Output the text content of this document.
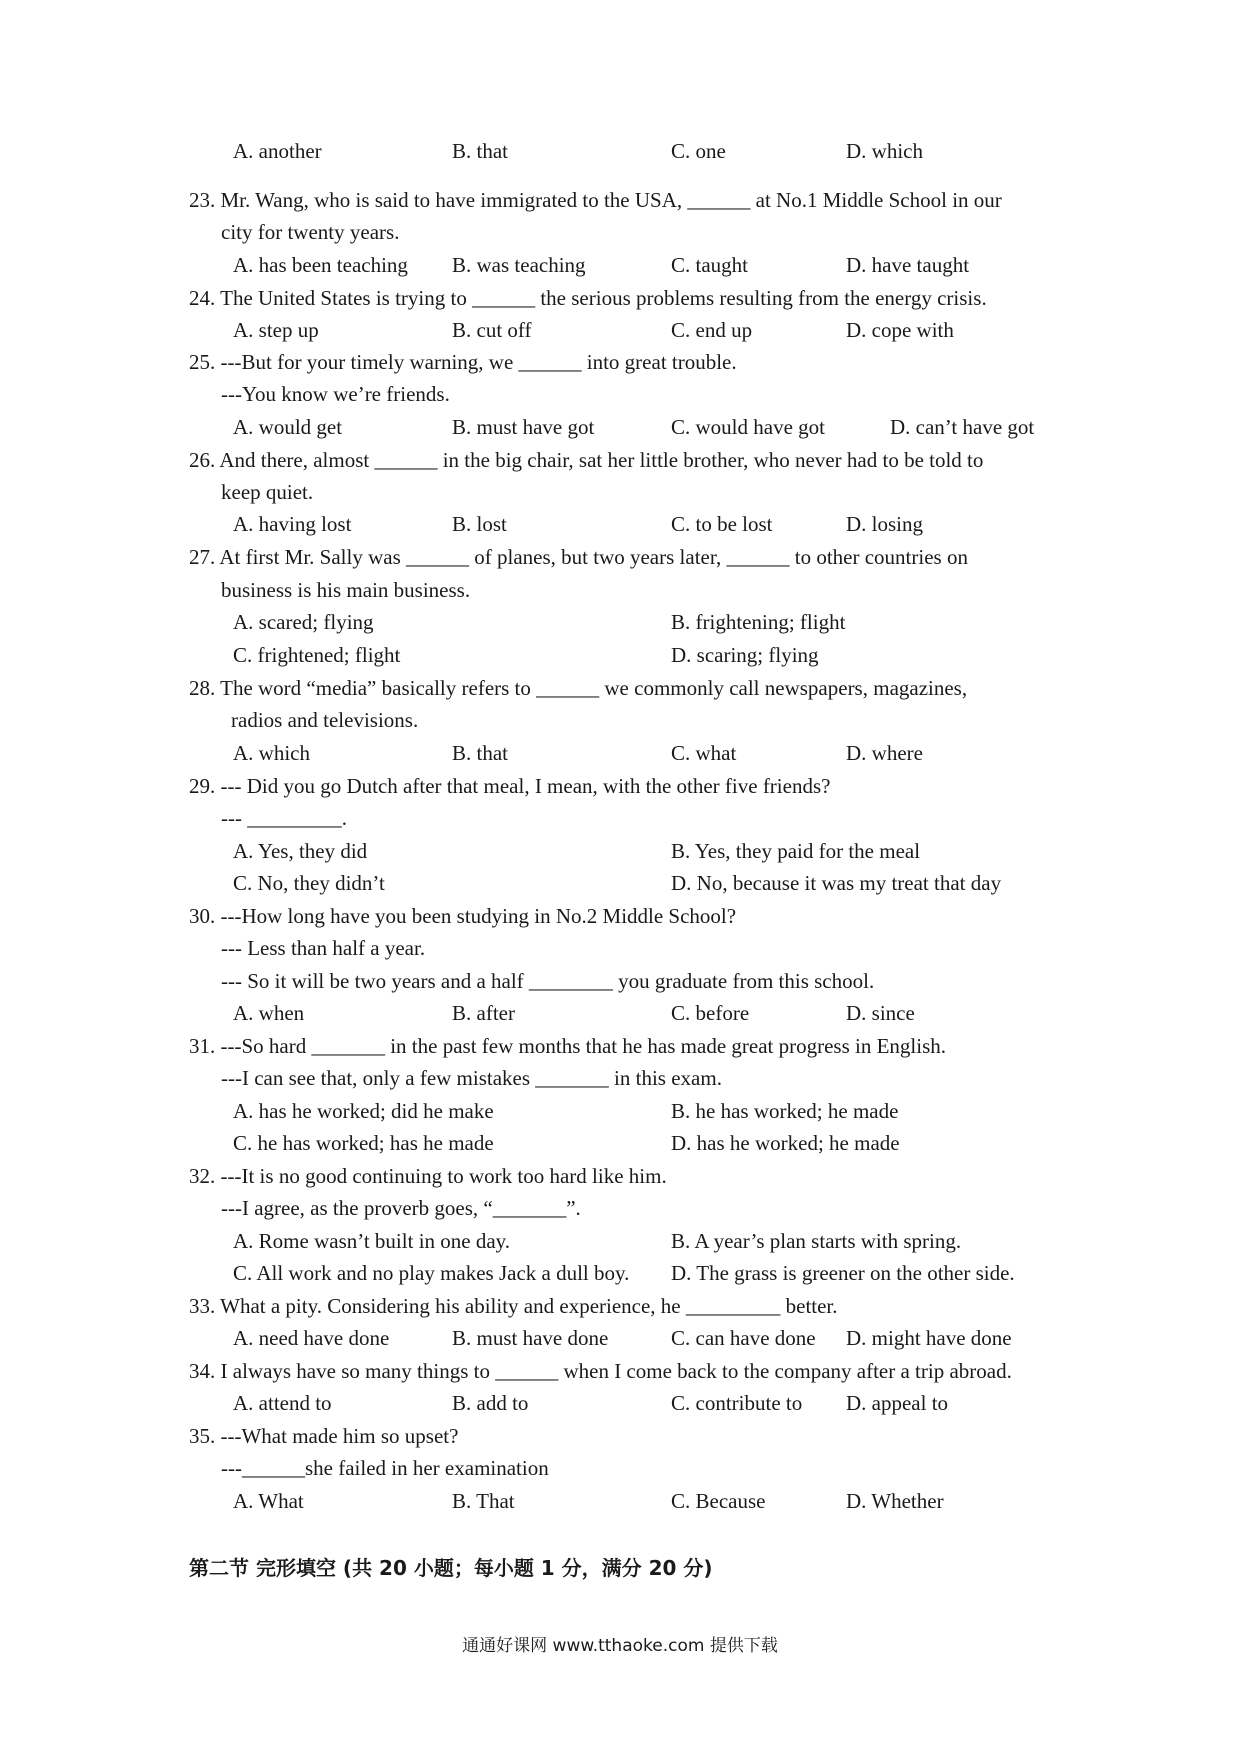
A. another	B. that	C. one	D. which
23. Mr. Wang, who is said to have immigrated to the USA, ______ at No.1 Middle School in our
city for twenty years.
A. has been teaching B. was teaching	C. taught	D. have taught
24. The United States is trying to ______ the serious problems resulting from the energy crisis.
A. step up	B. cut off	C. end up	D. cope with
25. ---But for your timely warning, we ______ into great trouble.
---You know we’re friends.
A. would get	B. must have got	C. would have got	D. can’t have got
26. And there, almost ______ in the big chair, sat her little brother, who never had to be told to
keep quiet.
A. having lost	B. lost	C. to be lost	D. losing
27. At first Mr. Sally was ______ of planes, but two years later, ______ to other countries on
business is his main business.
A. scared; flying	B. frightening; flight
C. frightened; flight	D. scaring; flying
28. The word “media” basically refers to ______ we commonly call newspapers, magazines,
radios and televisions.
A. which	B. that	C. what	D. where
29. --- Did you go Dutch after that meal, I mean, with the other five friends?
--- _________.
A. Yes, they did	B. Yes, they paid for the meal
C. No, they didn’t	D. No, because it was my treat that day
30. ---How long have you been studying in No.2 Middle School?
--- Less than half a year.
--- So it will be two years and a half ________ you graduate from this school.
A. when	B. after	C. before	D. since
31. ---So hard _______ in the past few months that he has made great progress in English.
---I can see that, only a few mistakes _______ in this exam.
A. has he worked; did he make	B. he has worked; he made
C. he has worked; has he made	D. has he worked; he made
32. ---It is no good continuing to work too hard like him.
---I agree, as the proverb goes, “_______”.
A. Rome wasn’t built in one day.	B. A year’s plan starts with spring.
C. All work and no play makes Jack a dull boy. D. The grass is greener on the other side.
33. What a pity. Considering his ability and experience, he _________ better.
A. need have done	B. must have done	C. can have done D. might have done
34. I always have so many things to ______ when I come back to the company after a trip abroad.
A. attend to	B. add to	C. contribute to D. appeal to
35. ---What made him so upset?
---______she failed in her examination
A. What	B. That	C. Because	D. Whether
第二节 完形填空 (共 20 小题；每小题 1 分，满分 20 分)
通通好课网 www.tthaoke.com 提供下载
